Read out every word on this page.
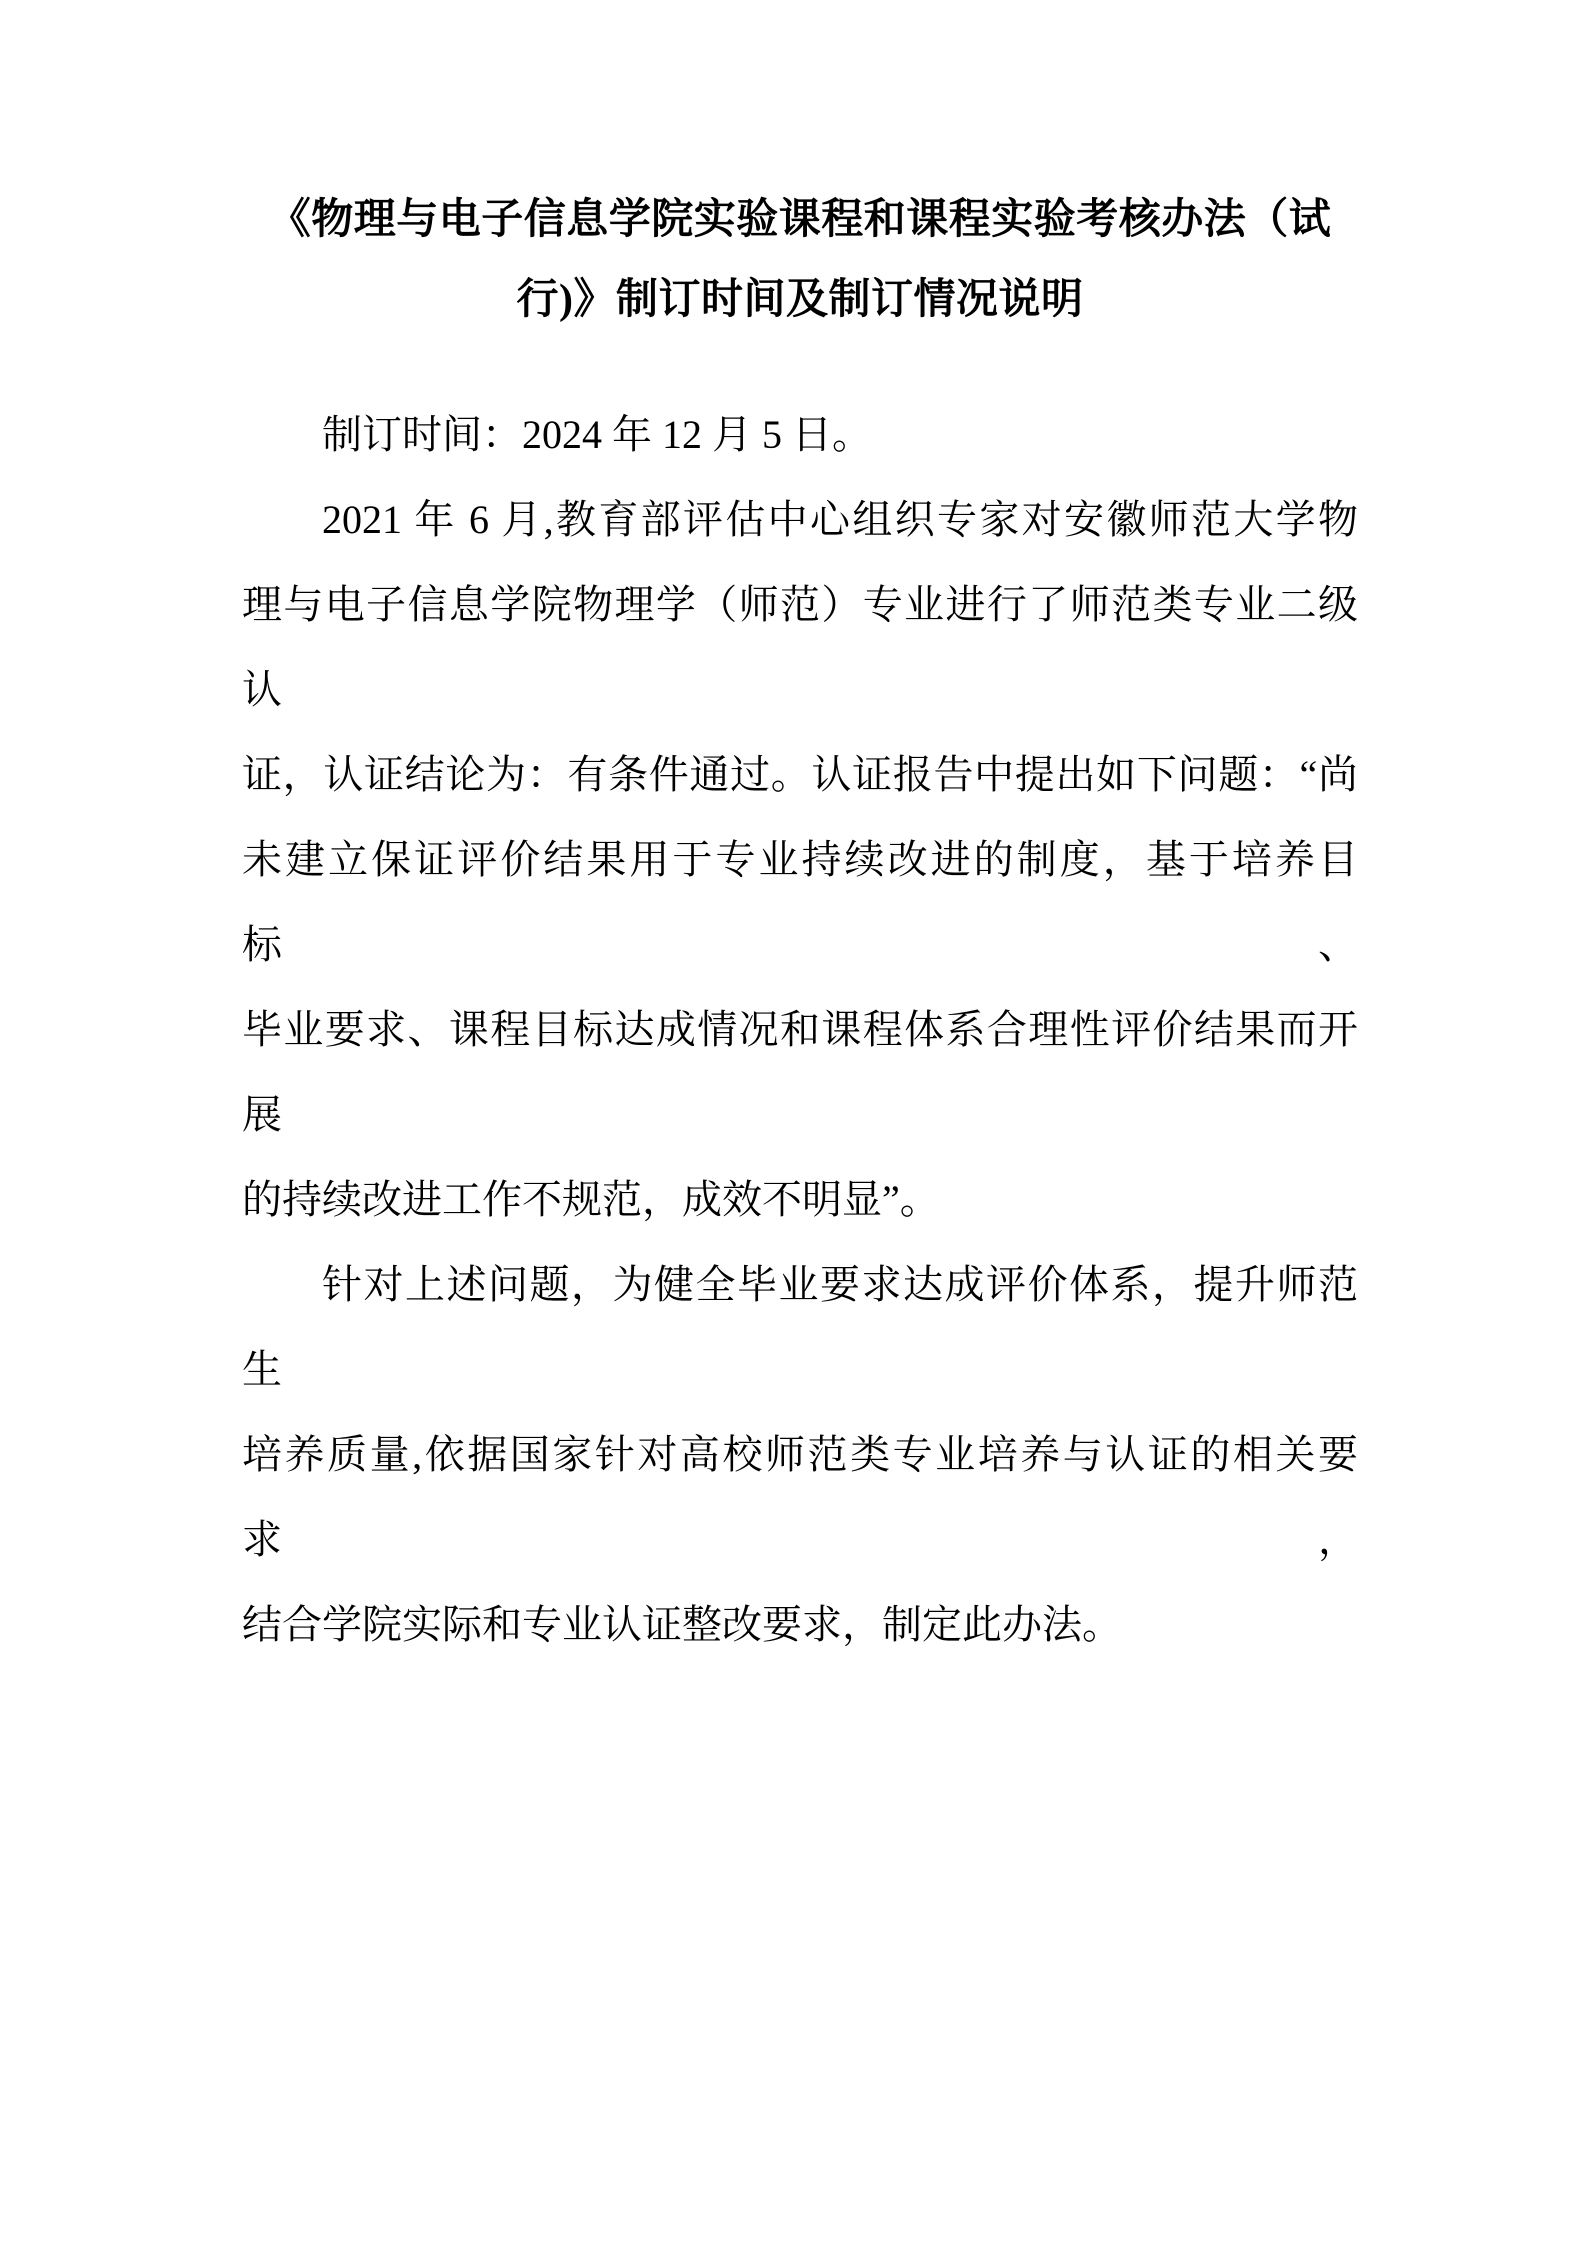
《物理与电子信息学院实验课程和课程实验考核办法（试
行)》制订时间及制订情况说明
制订时间：2024 年 12 月 5 日。
2021 年 6 月,教育部评估中心组织专家对安徽师范大学物
理与电子信息学院物理学（师范）专业进行了师范类专业二级认
证，认证结论为：有条件通过。认证报告中提出如下问题：“尚
未建立保证评价结果用于专业持续改进的制度，基于培养目标、
毕业要求、课程目标达成情况和课程体系合理性评价结果而开展
的持续改进工作不规范，成效不明显”。
针对上述问题，为健全毕业要求达成评价体系，提升师范生
培养质量,依据国家针对高校师范类专业培养与认证的相关要求，
结合学院实际和专业认证整改要求，制定此办法。
